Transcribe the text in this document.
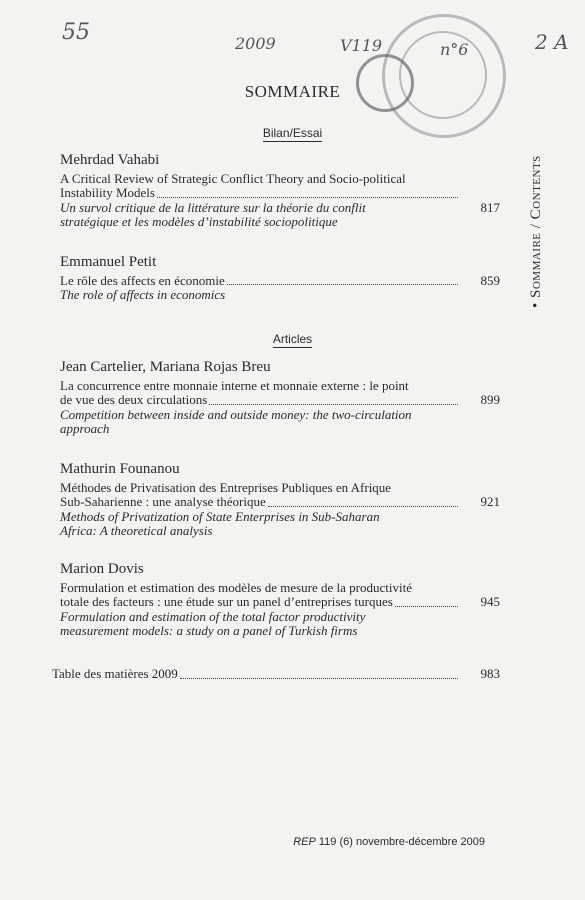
55	2009	V119	n°6	2 A
SOMMAIRE
Bilan/Essai
Mehrdad Vahabi
A Critical Review of Strategic Conflict Theory and Socio-political
Instability Models
Un survol critique de la littérature sur la théorie du conflit	817
stratégique et les modèles d’instabilité sociopolitique
Emmanuel Petit
Le rôle des affects en économie	859
The role of affects in economics
Articles
Jean Cartelier, Mariana Rojas Breu
La concurrence entre monnaie interne et monnaie externe : le point
de vue des deux circulations	899
Competition between inside and outside money: the two-circulation
approach
Mathurin Founanou
Méthodes de Privatisation des Entreprises Publiques en Afrique
Sub-Saharienne : une analyse théorique	921
Methods of Privatization of State Enterprises in Sub-Saharan
Africa: A theoretical analysis
Marion Dovis
Formulation et estimation des modèles de mesure de la productivité
totale des facteurs : une étude sur un panel d’entreprises turques	945
Formulation and estimation of the total factor productivity
measurement models: a study on a panel of Turkish firms
Table des matières 2009	983
REP 119 (6) novembre-décembre 2009
• Sommaire / Contents
